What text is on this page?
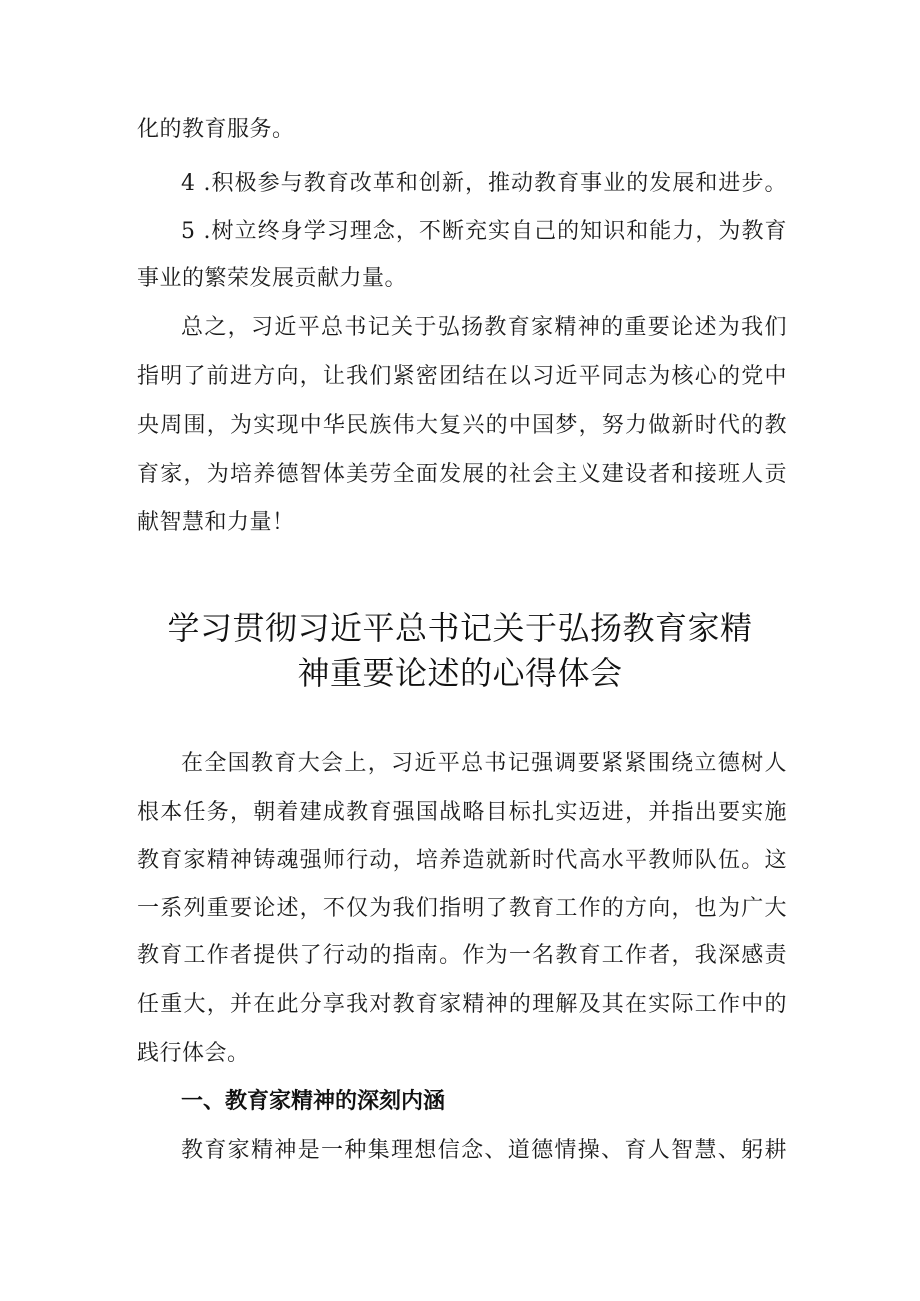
化的教育服务。
4 .积极参与教育改革和创新，推动教育事业的发展和进步。
5 .树立终身学习理念，不断充实自己的知识和能力，为教育
事业的繁荣发展贡献力量。
总之，习近平总书记关于弘扬教育家精神的重要论述为我们
指明了前进方向，让我们紧密团结在以习近平同志为核心的党中
央周围，为实现中华民族伟大复兴的中国梦，努力做新时代的教
育家，为培养德智体美劳全面发展的社会主义建设者和接班人贡
献智慧和力量！
学习贯彻习近平总书记关于弘扬教育家精
神重要论述的心得体会
在全国教育大会上，习近平总书记强调要紧紧围绕立德树人
根本任务，朝着建成教育强国战略目标扎实迈进，并指出要实施
教育家精神铸魂强师行动，培养造就新时代高水平教师队伍。这
一系列重要论述，不仅为我们指明了教育工作的方向，也为广大
教育工作者提供了行动的指南。作为一名教育工作者，我深感责
任重大，并在此分享我对教育家精神的理解及其在实际工作中的
践行体会。
一、教育家精神的深刻内涵
教育家精神是一种集理想信念、道德情操、育人智慧、躬耕
